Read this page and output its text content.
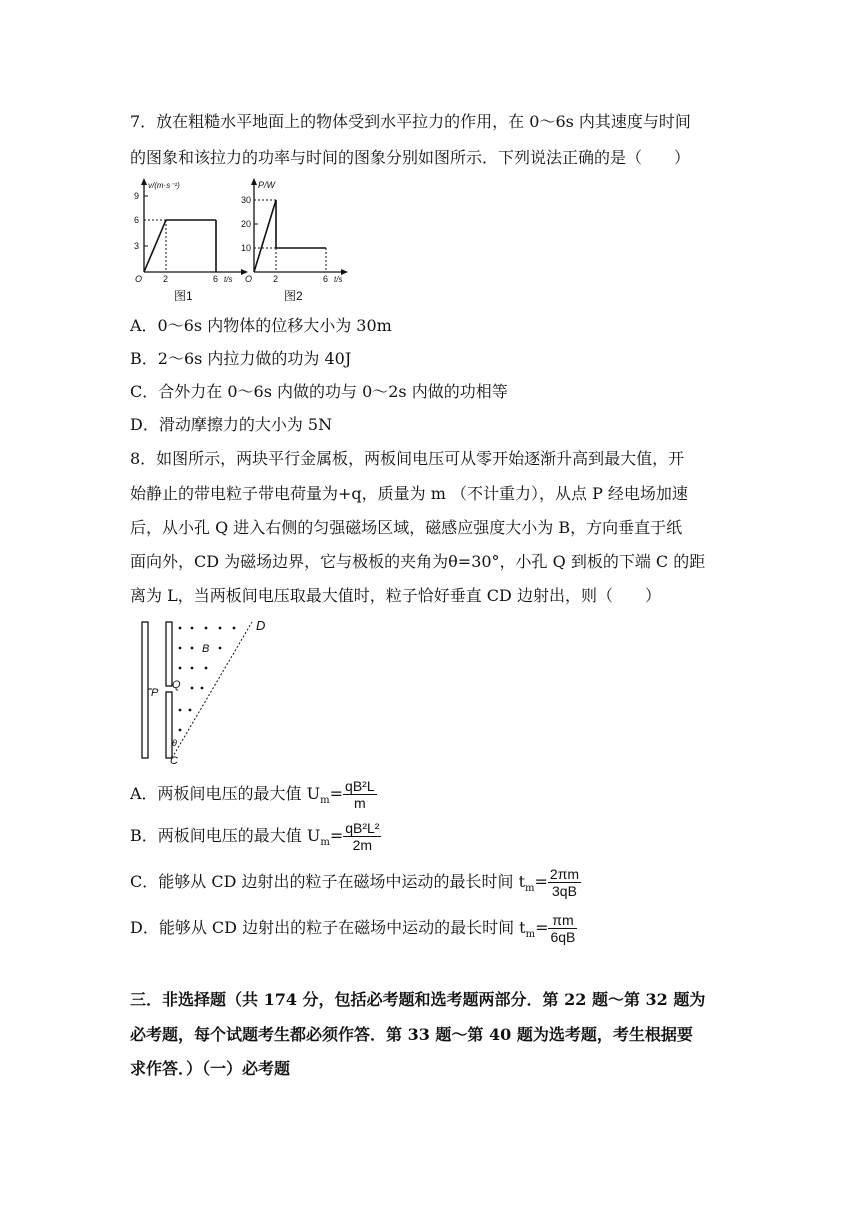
7．放在粗糙水平地面上的物体受到水平拉力的作用，在 0～6s 内其速度与时间
的图象和该拉力的功率与时间的图象分别如图所示．下列说法正确的是（　　）
v/(m·s⁻¹)
9
6
3
O 2	6 t/s
图1
P/W
30
20
10
O 2	6 t/s
图2
A．0～6s 内物体的位移大小为 30m
B．2～6s 内拉力做的功为 40J
C．合外力在 0～6s 内做的功与 0～2s 内做的功相等
D．滑动摩擦力的大小为 5N
8．如图所示，两块平行金属板，两板间电压可从零开始逐渐升高到最大值，开
始静止的带电粒子带电荷量为+q，质量为 m （不计重力），从点 P 经电场加速
后，从小孔 Q 进入右侧的匀强磁场区域，磁感应强度大小为 B，方向垂直于纸
面向外，CD 为磁场边界，它与极板的夹角为θ=30°，小孔 Q 到板的下端 C 的距
离为 L，当两板间电压取最大值时，粒子恰好垂直 CD 边射出，则（　　）
D
B
Q
P
θ
C
A．两板间电压的最大值 $U_m= \frac{\text{qB²L}}{m}$
B．两板间电压的最大值 $U_m= \frac{\text{qB²L²}}{2m}$
C．能够从 CD 边射出的粒子在磁场中运动的最长时间 $t_m= \frac{2\pi m}{3qB}$
D．能够从 CD 边射出的粒子在磁场中运动的最长时间 $t_m= \frac{\pi m}{6qB}$
三．非选择题（共 174 分，包括必考题和选考题两部分．第 22 题～第 32 题为
必考题，每个试题考生都必须作答．第 33 题～第 40 题为选考题，考生根据要
求作答．）（一）必考题
